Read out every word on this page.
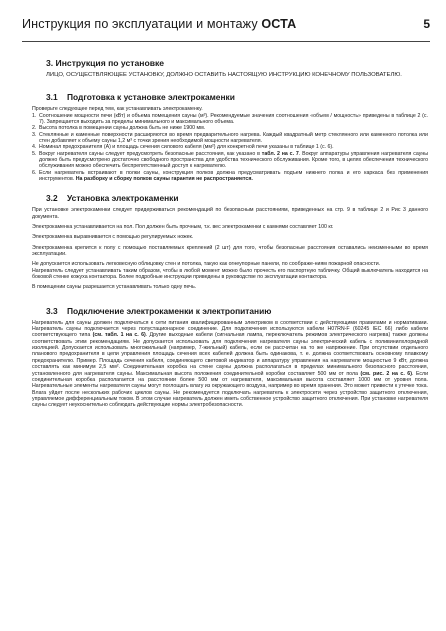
Инструкция по эксплуатации и монтажу ОСТА	5
3. Инструкция по установке
ЛИЦО, ОСУЩЕСТВЛЯЮЩЕЕ УСТАНОВКУ, ДОЛЖНО ОСТАВИТЬ НАСТОЯЩУЮ ИНСТРУКЦИЮ КОНЕЧНОМУ ПОЛЬЗОВАТЕЛЮ.
3.1 Подготовка к установке электрокаменки
Проверьте следующее перед тем, как устанавливать электрокаменку.
1. Соотношение мощности печи (кВт) и объема помещения сауны (м³). Рекомендуемые значения соотношения «объем / мощность» приведены в таблице 2 (с. 7). Запрещается выходить за пределы минимального и максимального объема.
2. Высота потолка в помещении сауны должна быть не ниже 1900 мм.
3. Стеклянные и каменные поверхности расширяются во время предварительного нагрева. Каждый квадратный метр стеклянного или каменного потолка или стен добавляет к объему сауны 1,2 м³ с точки зрения необходимой мощности нагревателя.
4. Номинал предохранителя (А) и площадь сечения силового кабеля (мм²) для конкретной печи указаны в таблице 1 (с. 6).
5. Вокруг нагревателя сауны следует предусмотреть безопасные расстояния, как указано в табл. 2 на с. 7. Вокруг аппаратуры управления нагревателя сауны должно быть предусмотрено достаточно свободного пространства для удобства технического обслуживания. Кроме того, в целях обеспечения технического обслуживания можно обеспечить беспрепятственный доступ к нагревателю.
6. Если нагреватель встраивают в полки сауны, конструкция полков должна предусматривать подъем нижнего полка и его каркаса без применения инструментов. На разборку и сборку полков сауны гарантия не распространяется.
3.2 Установка электрокаменки
При установке электрокаменки следует придерживаться рекомендаций по безопасным расстояниям, приведенных на стр. 9 в таблице 2 и Рис 3 данного документа.
Электрокаменка устанавливается на пол. Пол должен быть прочным, т.к. вес электрокаменки с камнями составляет 100 кг.
Электрокаменка выравнивается с помощью регулируемых ножек.
Электрокаменка крепится к полу с помощью поставляемых креплений (2 шт) для того, чтобы безопасные расстояния оставались неизменными во время эксплуатации.
Не допускается использовать легковесную облицовку стен и потолка, такую как огнеупорные панели, по соображе-ниям пожарной опасности.
Нагреватель следует устанавливать таким образом, чтобы в любой момент можно было прочесть его паспортную табличку. Общий выключатель находится на боковой стенке кожуха контактора. Более подробные инструкции приведены в руководстве по эксплуатации контактора.
В помещении сауны разрешается устанавливать только одну печь.
3.3 Подключение электрокаменки к электропитанию
Нагреватель для сауны должен подключаться к сети питания квалифицированным электриком в соответствии с действующими правилами и нормативами. Нагреватель сауны подключается через полустационарное соединение. Для подключения используются кабели H07RN-F (60245 IEC 66) либо кабели соответствующего типа (см. табл. 1 на с. 6). Другие выходные кабели (сигнальная лампа, переключатель режимов электрического нагрева) также должны соответствовать этим рекомендациям. Не допускается использовать для подключения нагревателя сауны электрический кабель с поливинилхлоридной изоляцией. Допускается использовать многожильный (например, 7-жильный) кабель, если он рассчитан на то же напряжение. При отсутствии отдельного планового предохранителя в цепи управления площадь сечения всех кабелей должна быть одинакова, т. е. должна соответствовать основному плавкому предохранителю. Пример. Площадь сечения кабеля, соединяющего световой индикатор и аппаратуру управления на нагревателе мощностью 9 кВт, должна составлять как минимум 2,5 мм². Соединительная коробка на стене сауны должна располагаться в пределах минимального безопасного расстояния, установленного для нагревателя сауны. Максимальная высота положения соединительной коробки составляет 500 мм от пола (см. рис. 2 на с. 6). Если соединительная коробка располагается на расстоянии более 500 мм от нагревателя, максимальная высота составляет 1000 мм от уровня пола. Нагревательные элементы нагревателя сауны могут поглощать влагу из окружающего воздуха, например во время хранения. Это может привести к утечке тока. Влага уйдет после нескольких рабочих циклов сауны. Не рекомендуется подключать нагреватель к электросети через устройство защитного отключения, управляемое дифференциальным током. В этом случае нагреватель должен иметь собственное устройство защитного отключения. При установке нагревателя сауны следует неукоснительно соблюдать действующие нормы электробезопасности.
